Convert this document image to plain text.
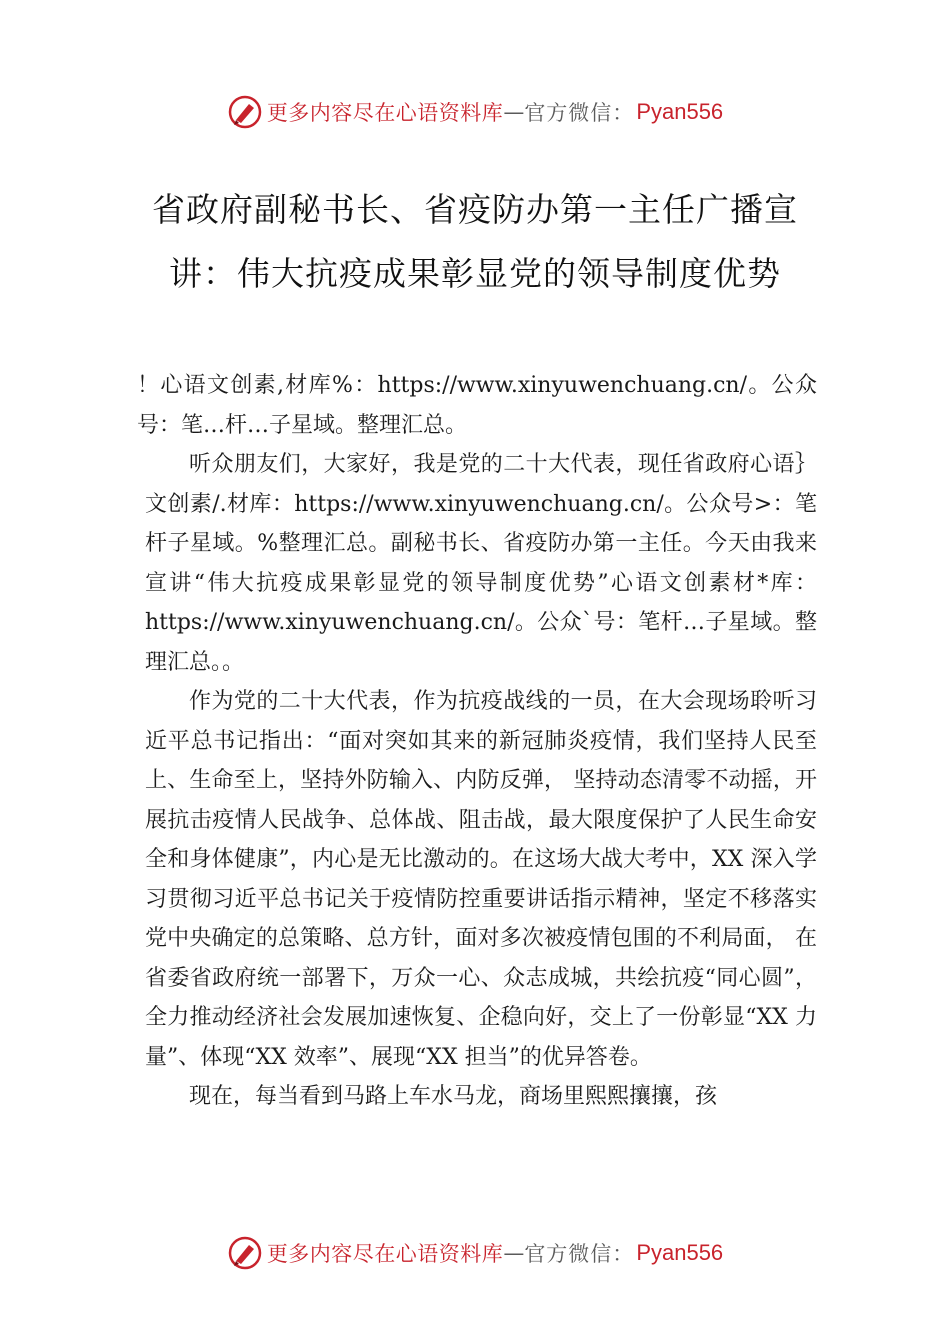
更多内容尽在心语资料库 — 官方微信： Pyan556
省政府副秘书长、省疫防办第一主任广播宣讲：伟大抗疫成果彰显党的领导制度优势

！心语文创素,材库%：https://www.xinyuwenchuang.cn/。公众号：笔…杆…子星域。整理汇总。

听众朋友们，大家好，我是党的二十大代表，现任省政府心语｝文创素/.材库：https://www.xinyuwenchuang.cn/。公众号>：笔杆子星域。%整理汇总。副秘书长、省疫防办第一主任。今天由我来宣讲“伟大抗疫成果彰显党的领导制度优势”心语文创素材*库：https://www.xinyuwenchuang.cn/。公众`号：笔杆…子星域。整理汇总。。

作为党的二十大代表，作为抗疫战线的一员，在大会现场聆听习近平总书记指出：“面对突如其来的新冠肺炎疫情，我们坚持人民至上、生命至上，坚持外防输入、内防反弹， 坚持动态清零不动摇，开展抗击疫情人民战争、总体战、阻击战，最大限度保护了人民生命安全和身体健康”，内心是无比激动的。在这场大战大考中，XX 深入学习贯彻习近平总书记关于疫情防控重要讲话指示精神，坚定不移落实党中央确定的总策略、总方针，面对多次被疫情包围的不利局面， 在省委省政府统一部署下，万众一心、众志成城，共绘抗疫“同心圆”，全力推动经济社会发展加速恢复、企稳向好，交上了一份彰显“XX 力量”、体现“XX 效率”、展现“XX 担当”的优异答卷。

现在，每当看到马路上车水马龙，商场里熙熙攘攘，孩

更多内容尽在心语资料库 — 官方微信： Pyan556
